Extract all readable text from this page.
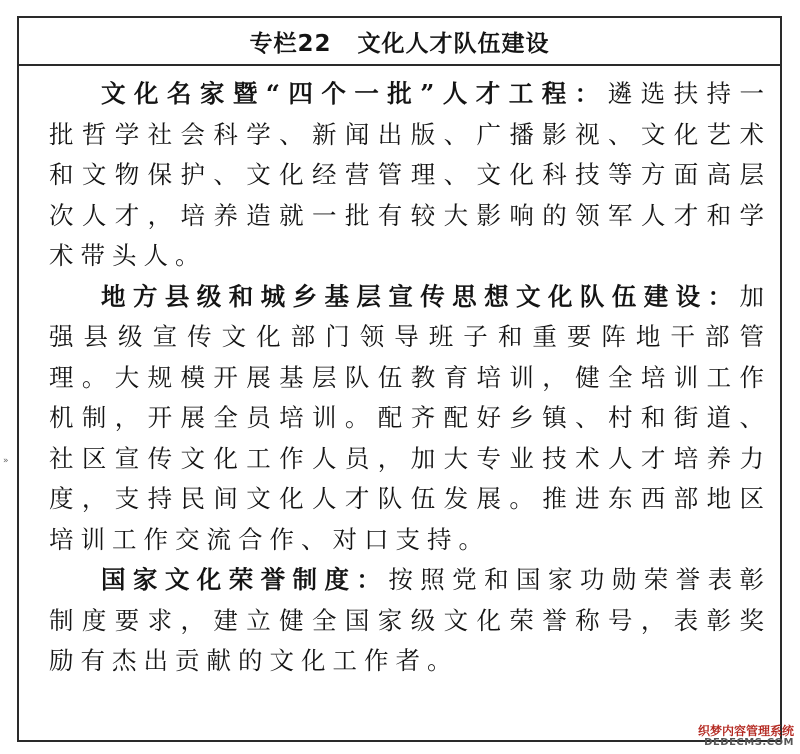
专栏22 文化人才队伍建设

文化名家暨“四个一批”人才工程：遴选扶持一批哲学社会科学、新闻出版、广播影视、文化艺术和文物保护、文化经营管理、文化科技等方面高层次人才，培养造就一批有较大影响的领军人才和学术带头人。

地方县级和城乡基层宣传思想文化队伍建设：加强县级宣传文化部门领导班子和重要阵地干部管理。大规模开展基层队伍教育培训，健全培训工作机制，开展全员培训。配齐配好乡镇、村和街道、社区宣传文化工作人员，加大专业技术人才培养力度，支持民间文化人才队伍发展。推进东西部地区培训工作交流合作、对口支持。

国家文化荣誉制度：按照党和国家功勋荣誉表彰制度要求，建立健全国家级文化荣誉称号，表彰奖励有杰出贡献的文化工作者。

»
织梦内容管理系统
DEDECMS.COM
